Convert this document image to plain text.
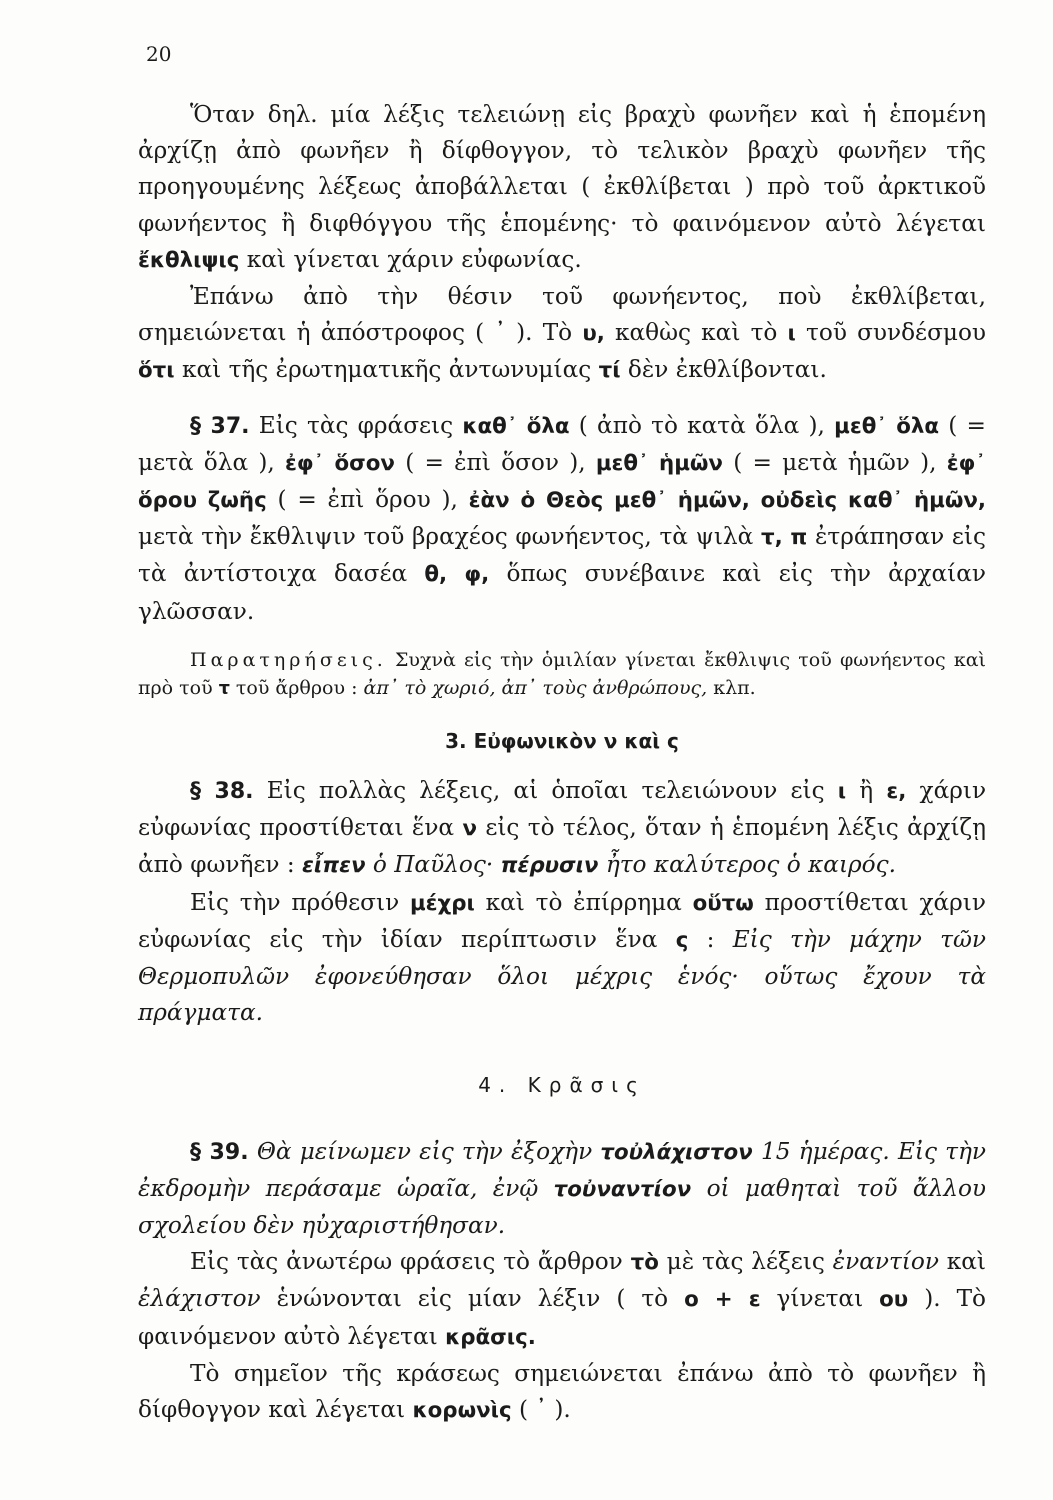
20

Ὅταν δηλ. μία λέξις τελειώνῃ εἰς βραχὺ φωνῆεν καὶ ἡ ἑπομένη ἀρχίζῃ ἀπὸ φωνῆεν ἢ δίφθογγον, τὸ τελικὸν βραχὺ φωνῆεν τῆς προηγουμένης λέξεως ἀποβάλλεται ( ἐκθλίβεται ) πρὸ τοῦ ἀρκτικοῦ φωνήεντος ἢ διφθόγγου τῆς ἑπομένης· τὸ φαινόμενον αὐτὸ λέγεται ἔκθλιψις καὶ γίνεται χάριν εὐφωνίας.

Ἐπάνω ἀπὸ τὴν θέσιν τοῦ φωνήεντος, ποὺ ἐκθλίβεται, σημειώνεται ἡ ἀπόστροφος ( ᾿ ). Τὸ υ, καθὼς καὶ τὸ ι τοῦ συνδέσμου ὅτι καὶ τῆς ἐρωτηματικῆς ἀντωνυμίας τί δὲν ἐκθλίβονται.

§ 37. Εἰς τὰς φράσεις καθ᾿ ὅλα ( ἀπὸ τὸ κατὰ ὅλα ), μεθ᾿ ὅλα ( = μετὰ ὅλα ), ἐφ᾿ ὅσον ( = ἐπὶ ὅσον ), μεθ᾿ ἡμῶν ( = μετὰ ἡμῶν ), ἐφ᾿ ὅρου ζωῆς ( = ἐπὶ ὅρου ), ἐὰν ὁ Θεὸς μεθ᾿ ἡμῶν, οὐδεὶς καθ᾿ ἡμῶν, μετὰ τὴν ἔκθλιψιν τοῦ βραχέος φωνήεντος, τὰ ψιλὰ τ, π ἐτράπησαν εἰς τὰ ἀντίστοιχα δασέα θ, φ, ὅπως συνέβαινε καὶ εἰς τὴν ἀρχαίαν γλῶσσαν.

Παρατηρήσεις. Συχνὰ εἰς τὴν ὁμιλίαν γίνεται ἔκθλιψις τοῦ φωνήεντος καὶ πρὸ τοῦ τ τοῦ ἄρθρου : ἀπ᾿ τὸ χωριό, ἀπ᾿ τοὺς ἀνθρώπους, κλπ.

3. Εὐφωνικὸν ν καὶ ς

§ 38. Εἰς πολλὰς λέξεις, αἱ ὁποῖαι τελειώνουν εἰς ι ἢ ε, χάριν εὐφωνίας προστίθεται ἕνα ν εἰς τὸ τέλος, ὅταν ἡ ἑπομένη λέξις ἀρχίζῃ ἀπὸ φωνῆεν : εἶπεν ὁ Παῦλος· πέρυσιν ἦτο καλύτερος ὁ καιρός.

Εἰς τὴν πρόθεσιν μέχρι καὶ τὸ ἐπίρρημα οὕτω προστίθεται χάριν εὐφωνίας εἰς τὴν ἰδίαν περίπτωσιν ἕνα ς : Εἰς τὴν μάχην τῶν Θερμοπυλῶν ἐφονεύθησαν ὅλοι μέχρις ἑνός· οὕτως ἔχουν τὰ πράγματα.

4. Κρᾶσις

§ 39. Θὰ μείνωμεν εἰς τὴν ἐξοχὴν τοὐλάχιστον 15 ἡμέρας. Εἰς τὴν ἐκδρομὴν περάσαμε ὡραῖα, ἐνῷ τοὐναντίον οἱ μαθηταὶ τοῦ ἄλλου σχολείου δὲν ηὐχαριστήθησαν.

Εἰς τὰς ἀνωτέρω φράσεις τὸ ἄρθρον τὸ μὲ τὰς λέξεις ἐναντίον καὶ ἐλάχιστον ἑνώνονται εἰς μίαν λέξιν ( τὸ ο + ε γίνεται ου ). Τὸ φαινόμενον αὐτὸ λέγεται κρᾶσις.

Τὸ σημεῖον τῆς κράσεως σημειώνεται ἐπάνω ἀπὸ τὸ φωνῆεν ἢ δίφθογγον καὶ λέγεται κορωνὶς ( ᾿ ).
